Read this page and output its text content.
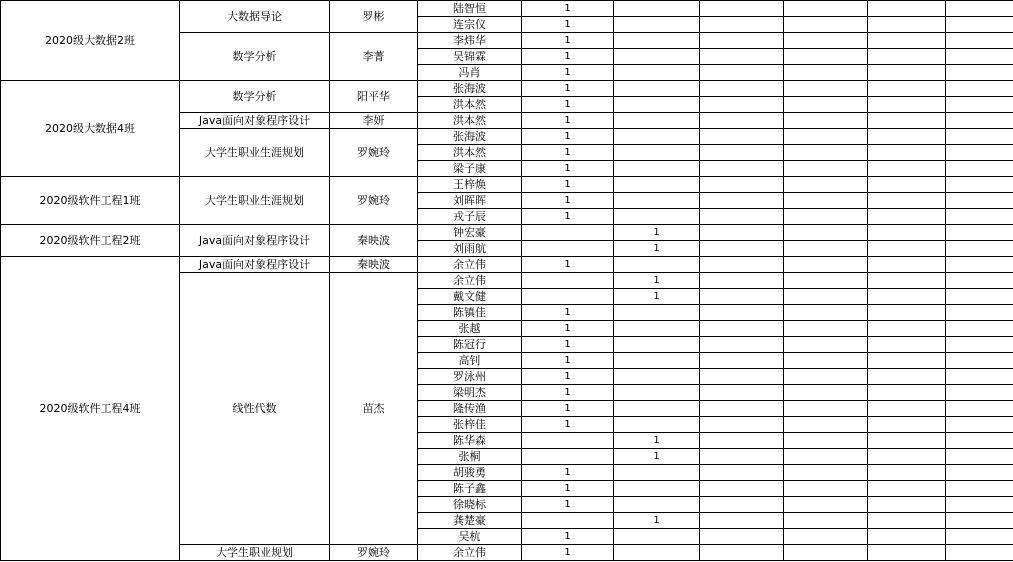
2020级大数据2班	大数据导论	罗彬	陆智恒	1					
			连宗仪	1					
	数学分析	李菁	李炜华	1					
			吴锦霖	1					
			冯肖	1					
2020级大数据4班	数学分析	阳平华	张海波	1					
			洪本然	1					
	Java面向对象程序设计	李妍	洪本然	1					
	大学生职业生涯规划	罗婉玲	张海波	1					
			洪本然	1					
			梁子康	1					
2020级软件工程1班	大学生职业生涯规划	罗婉玲	王梓焕	1					
			刘晖晖	1					
			戎子辰	1					
2020级软件工程2班	Java面向对象程序设计	秦映波	钟宏豪		1				
			刘雨航		1				
2020级软件工程4班	Java面向对象程序设计	秦映波	余立伟	1					
	线性代数	苗杰	余立伟		1				
			戴文健		1				
			陈镇佳	1					
			张越	1					
			陈冠行	1					
			高钊	1					
			罗泳州	1					
			梁明杰	1					
			隆传渔	1					
			张梓佳	1					
			陈华森		1				
			张桐		1				
			胡骏勇	1					
			陈子鑫	1					
			徐晓标	1					
			龚楚豪		1				
			吴杭	1					
	大学生职业规划	罗婉玲	余立伟	1					
